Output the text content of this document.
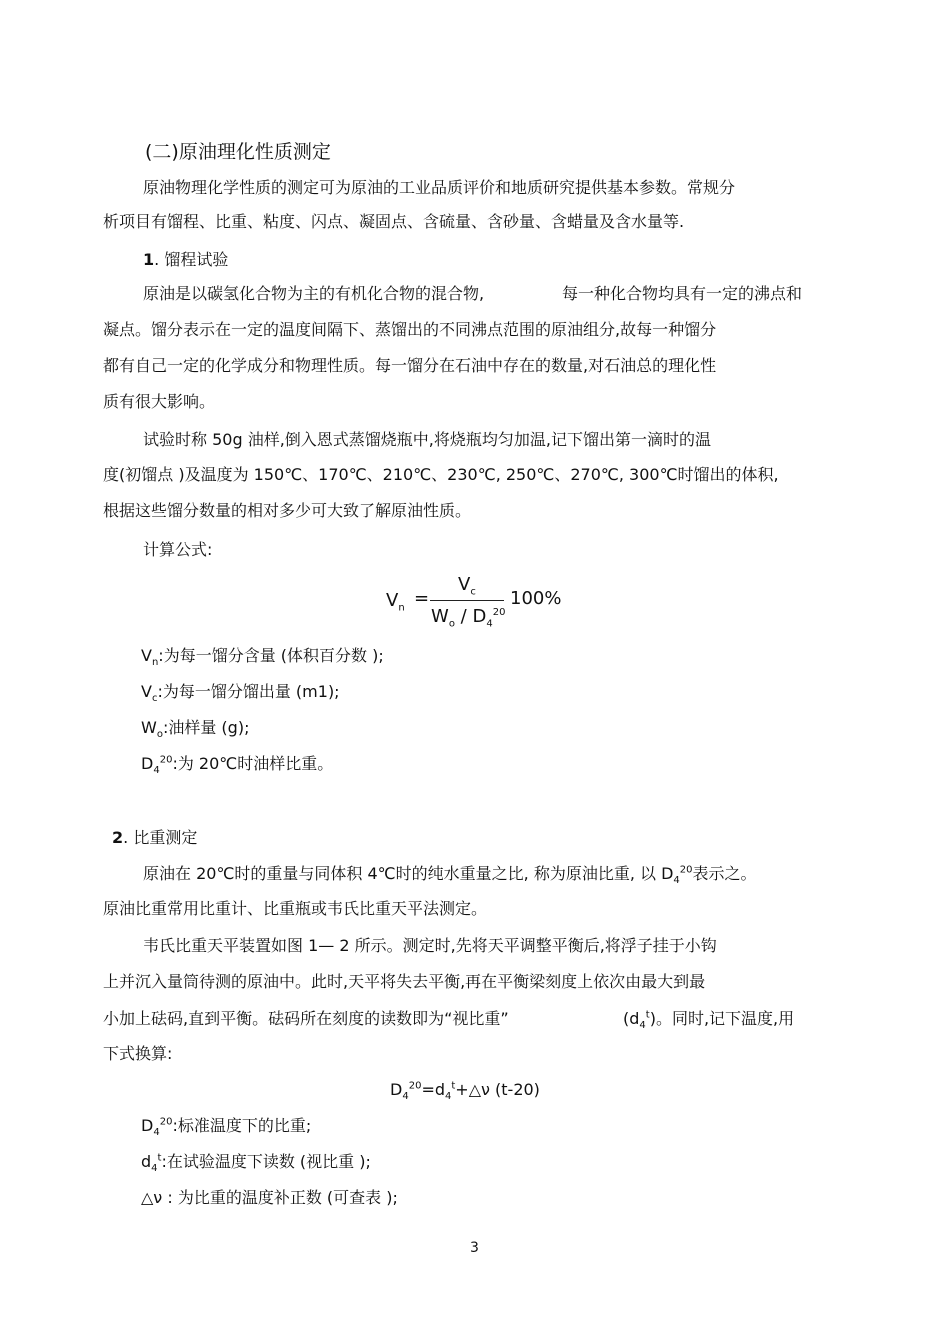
(二)原油理化性质测定
原油物理化学性质的测定可为原油的工业品质评价和地质研究提供基本参数。常规分
析项目有馏程、比重、粘度、闪点、凝固点、含硫量、含砂量、含蜡量及含水量等.
1. 馏程试验
原油是以碳氢化合物为主的有机化合物的混合物,	每一种化合物均具有一定的沸点和
凝点。馏分表示在一定的温度间隔下、蒸馏出的不同沸点范围的原油组分,故每一种馏分
都有自己一定的化学成分和物理性质。每一馏分在石油中存在的数量,对石油总的理化性
质有很大影响。
试验时称 50g 油样,倒入恩式蒸馏烧瓶中,将烧瓶均匀加温,记下馏出第一滴时的温
度(初馏点 )及温度为 150℃、170℃、210℃、230℃, 250℃、270℃, 300℃时馏出的体积,
根据这些馏分数量的相对多少可大致了解原油性质。
计算公式:
$V_n$ =
$V_c$
$W_o / D_4^{20}$
100%
$V_n$:为每一馏分含量 (体积百分数 );
$V_c$:为每一馏分馏出量 (m1);
$W_o$:油样量 (g);
$D_4^{20}$:为 20℃时油样比重。
2. 比重测定
原油在 20℃时的重量与同体积 4℃时的纯水重量之比, 称为原油比重, 以 $D_4^{20}$表示之。
原油比重常用比重计、比重瓶或韦氏比重天平法测定。
韦氏比重天平装置如图 1— 2 所示。测定时,先将天平调整平衡后,将浮子挂于小钩
上并沉入量筒待测的原油中。此时,天平将失去平衡,再在平衡梁刻度上依次由最大到最
小加上砝码,直到平衡。砝码所在刻度的读数即为“视比重”	$(d_4^t)$。同时,记下温度,用
下式换算:
$D_4^{20}=d_4^t+\triangle\nu$ (t-20)
$D_4^{20}$:标准温度下的比重;
$d_4^t$:在试验温度下读数 (视比重 );
△ν : 为比重的温度补正数 (可查表 );
3
